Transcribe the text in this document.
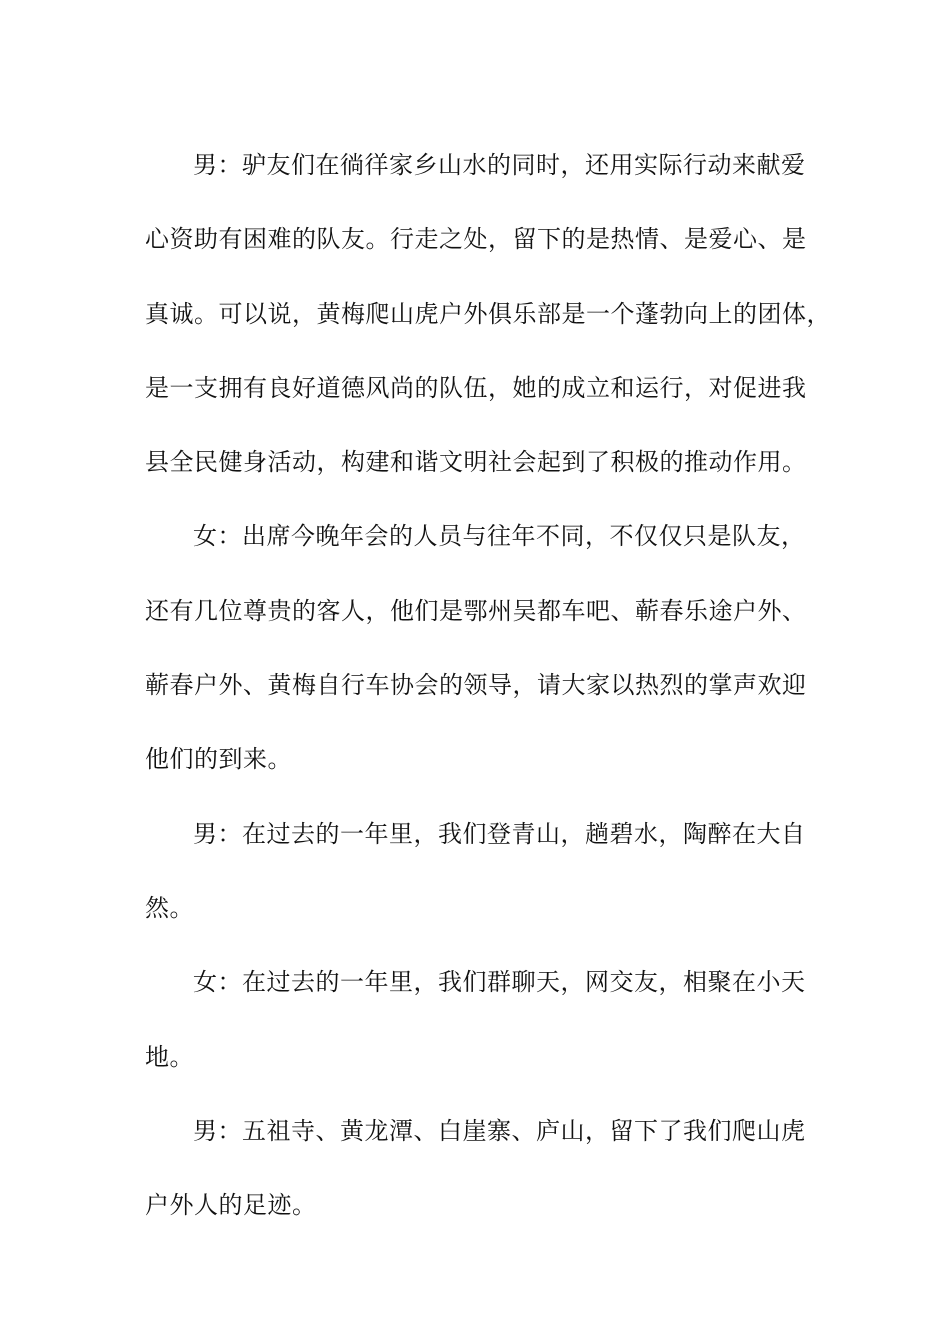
男：驴友们在徜徉家乡山水的同时，还用实际行动来献爱
心资助有困难的队友。行走之处，留下的是热情、是爱心、是
真诚。可以说，黄梅爬山虎户外俱乐部是一个蓬勃向上的团体，
是一支拥有良好道德风尚的队伍，她的成立和运行，对促进我
县全民健身活动，构建和谐文明社会起到了积极的推动作用。
女：出席今晚年会的人员与往年不同，不仅仅只是队友，
还有几位尊贵的客人，他们是鄂州吴都车吧、蕲春乐途户外、
蕲春户外、黄梅自行车协会的领导，请大家以热烈的掌声欢迎
他们的到来。
男：在过去的一年里，我们登青山，趟碧水，陶醉在大自
然。
女：在过去的一年里，我们群聊天，网交友，相聚在小天
地。
男：五祖寺、黄龙潭、白崖寨、庐山，留下了我们爬山虎
户外人的足迹。
